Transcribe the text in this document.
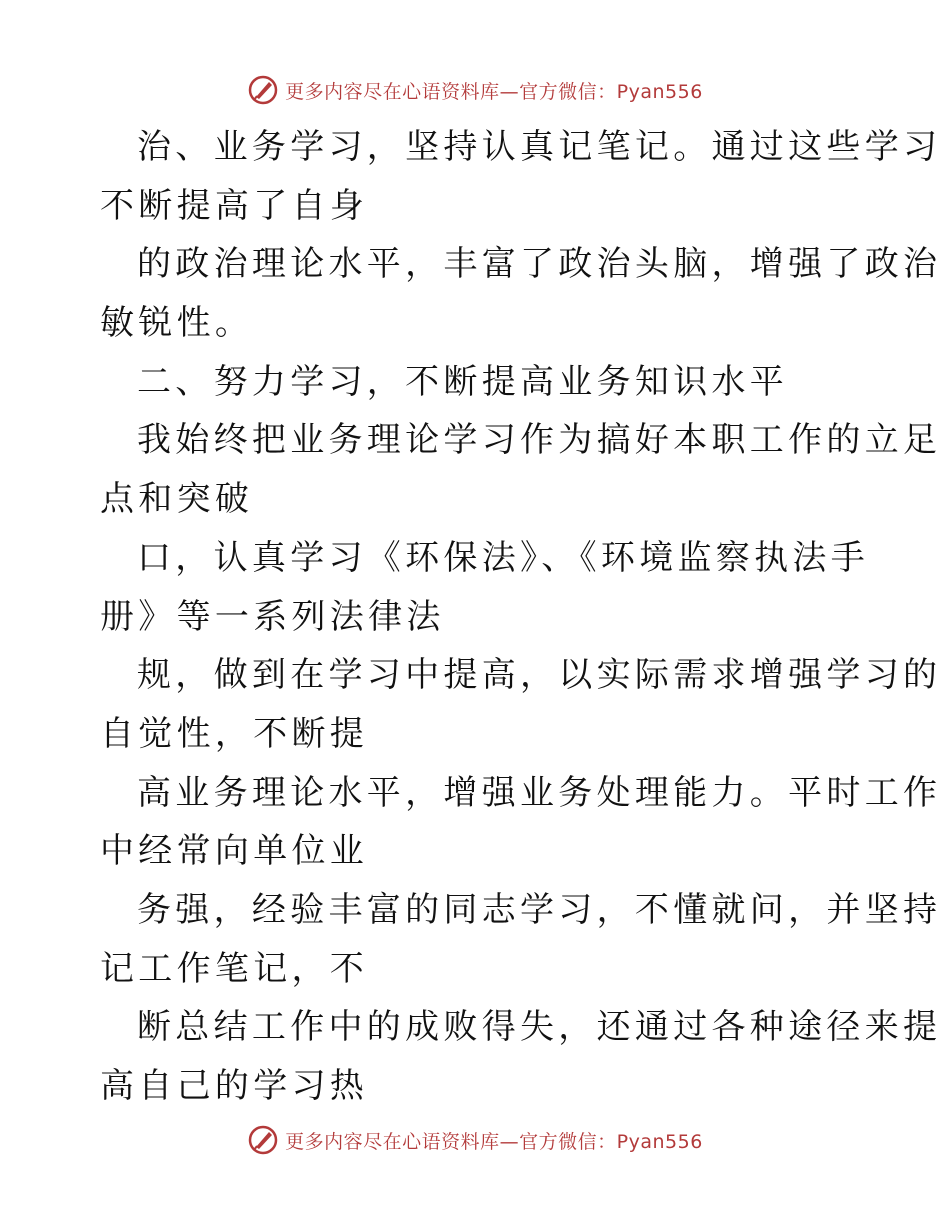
更多内容尽在心语资料库—官方微信：Pyan556
治、业务学习，坚持认真记笔记。通过这些学习
不断提高了自身
的政治理论水平，丰富了政治头脑，增强了政治
敏锐性。
二、努力学习，不断提高业务知识水平
我始终把业务理论学习作为搞好本职工作的立足
点和突破
口，认真学习《环保法》、《环境监察执法手
册》等一系列法律法
规，做到在学习中提高，以实际需求增强学习的
自觉性，不断提
高业务理论水平，增强业务处理能力。平时工作
中经常向单位业
务强，经验丰富的同志学习，不懂就问，并坚持
记工作笔记，不
断总结工作中的成败得失，还通过各种途径来提
高自己的学习热
更多内容尽在心语资料库—官方微信：Pyan556
